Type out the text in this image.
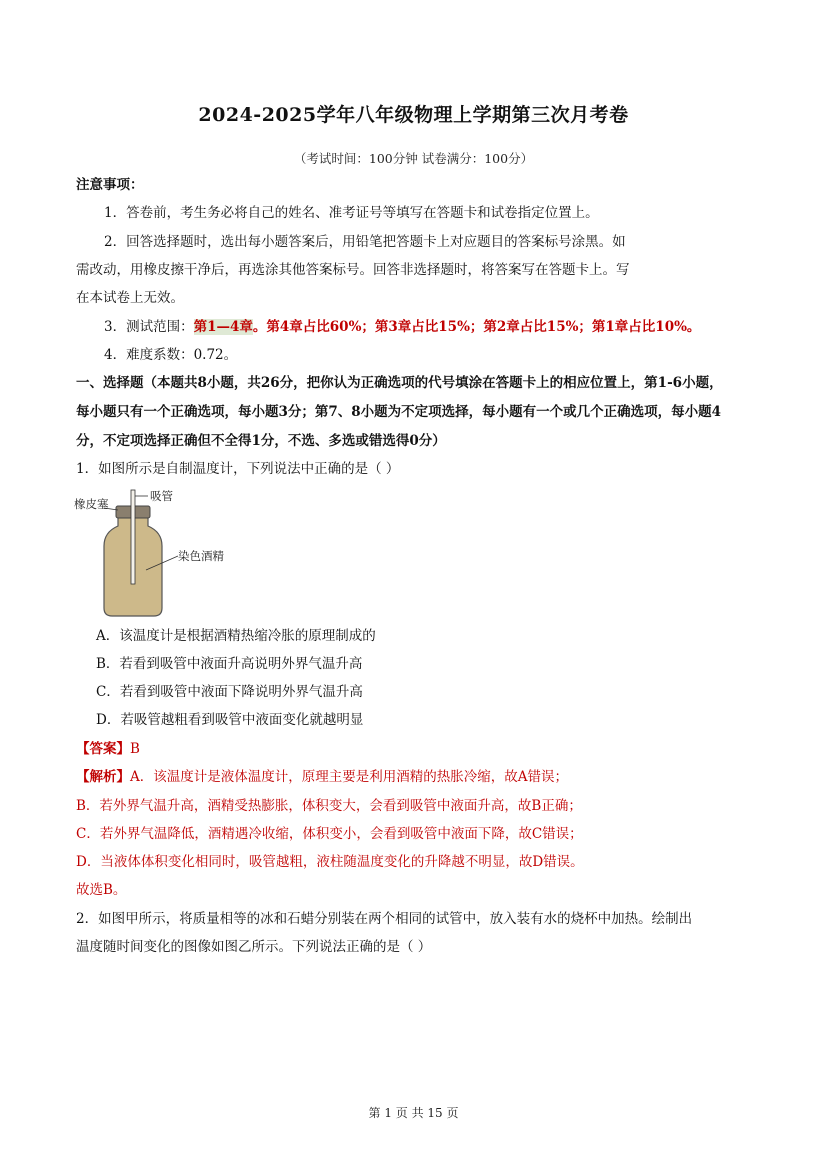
2024-2025学年八年级物理上学期第三次月考卷
（考试时间：100分钟 试卷满分：100分）
注意事项：
1．答卷前，考生务必将自己的姓名、准考证号等填写在答题卡和试卷指定位置上。
2．回答选择题时，选出每小题答案后，用铅笔把答题卡上对应题目的答案标号涂黑。如
需改动，用橡皮擦干净后，再选涂其他答案标号。回答非选择题时，将答案写在答题卡上。写
在本试卷上无效。
3．测试范围：第1—4章。第4章占比60%；第3章占比15%；第2章占比15%；第1章占比10%。
4．难度系数：0.72。
一、选择题（本题共8小题，共26分，把你认为正确选项的代号填涂在答题卡上的相应位置上，第1-6小题，
每小题只有一个正确选项，每小题3分；第7、8小题为不定项选择，每小题有一个或几个正确选项，每小题4
分，不定项选择正确但不全得1分，不选、多选或错选得0分）
1．如图所示是自制温度计，下列说法中正确的是（ ）
橡皮塞
吸管
染色酒精
A．该温度计是根据酒精热缩冷胀的原理制成的
B．若看到吸管中液面升高说明外界气温升高
C．若看到吸管中液面下降说明外界气温升高
D．若吸管越粗看到吸管中液面变化就越明显
【答案】B
【解析】A．该温度计是液体温度计，原理主要是利用酒精的热胀冷缩，故A错误；
B．若外界气温升高，酒精受热膨胀，体积变大，会看到吸管中液面升高，故B正确；
C．若外界气温降低，酒精遇冷收缩，体积变小，会看到吸管中液面下降，故C错误；
D．当液体体积变化相同时，吸管越粗，液柱随温度变化的升降越不明显，故D错误。
故选B。
2．如图甲所示，将质量相等的冰和石蜡分别装在两个相同的试管中，放入装有水的烧杯中加热。绘制出
温度随时间变化的图像如图乙所示。下列说法正确的是（ ）
第 1 页 共 15 页
